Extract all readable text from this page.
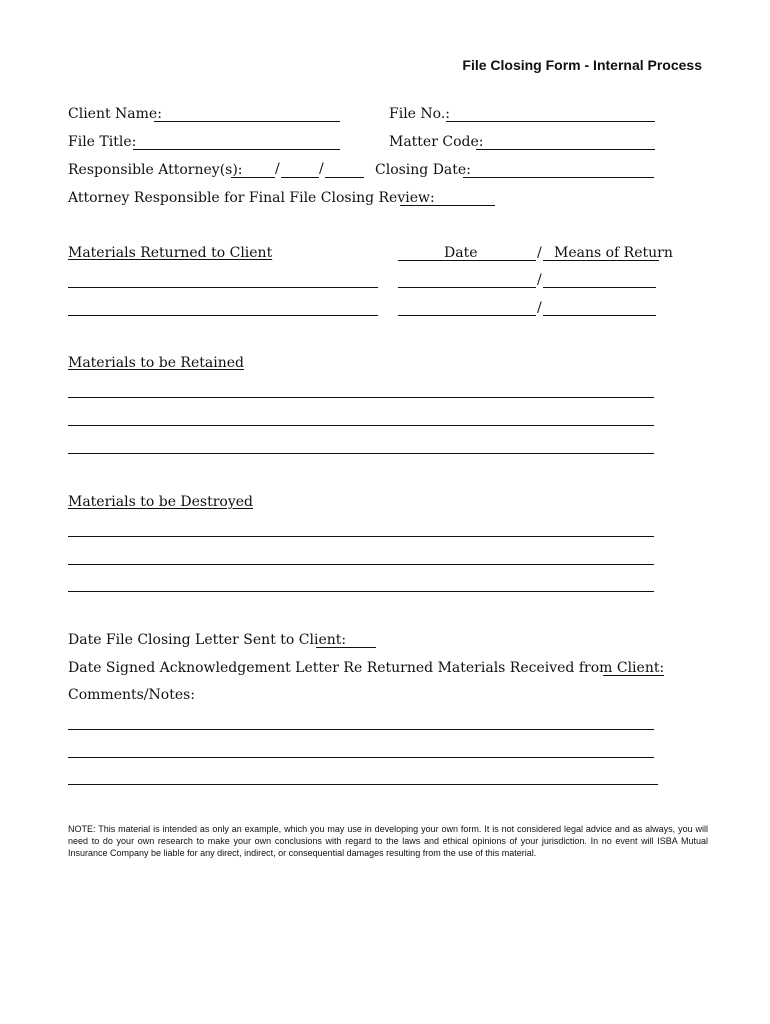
File Closing Form - Internal Process
Client Name:	File No.:
File Title:	Matter Code:
Responsible Attorney(s): /	/	Closing Date:
Attorney Responsible for Final File Closing Review:
Materials Returned to Client	Date	/ Means of Return
/
/
Materials to be Retained
Materials to be Destroyed
Date File Closing Letter Sent to Client:
Date Signed Acknowledgement Letter Re Returned Materials Received from Client:
Comments/Notes:
NOTE: This material is intended as only an example, which you may use in developing your own form. It is not considered legal advice and as always, you will need to do your own research to make your own conclusions with regard to the laws and ethical opinions of your jurisdiction. In no event will ISBA Mutual Insurance Company be liable for any direct, indirect, or consequential damages resulting from the use of this material.
